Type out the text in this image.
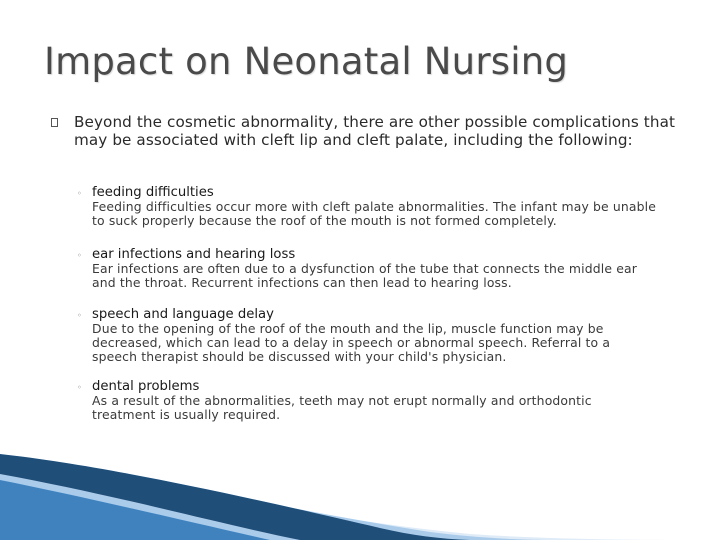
Impact on Neonatal Nursing
Beyond the cosmetic abnormality, there are other possible complications that may be associated with cleft lip and cleft palate, including the following:
◦ feeding difficulties
Feeding difficulties occur more with cleft palate abnormalities. The infant may be unable to suck properly because the roof of the mouth is not formed completely.
◦ ear infections and hearing loss
Ear infections are often due to a dysfunction of the tube that connects the middle ear and the throat. Recurrent infections can then lead to hearing loss.
◦ speech and language delay
Due to the opening of the roof of the mouth and the lip, muscle function may be decreased, which can lead to a delay in speech or abnormal speech. Referral to a speech therapist should be discussed with your child's physician.
◦ dental problems
As a result of the abnormalities, teeth may not erupt normally and orthodontic treatment is usually required.
